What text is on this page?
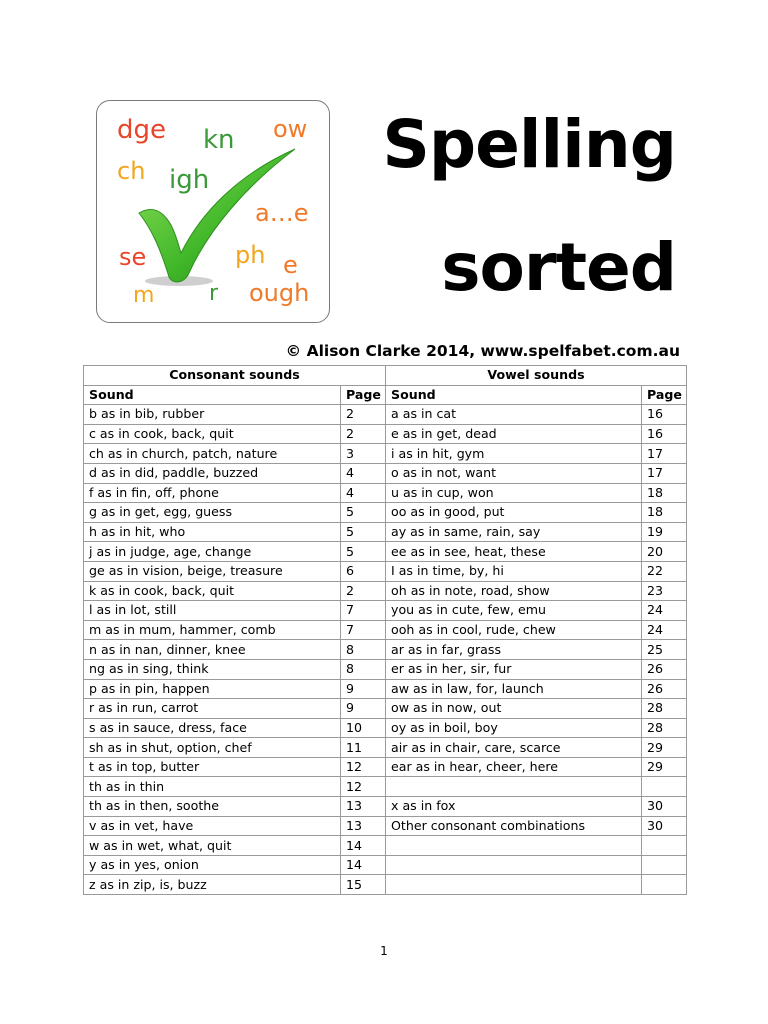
dge kn ow
ch igh
a…e
se	ph e
m r ough
Spelling
sorted
© Alison Clarke 2014, www.spelfabet.com.au
Consonant sounds		Vowel sounds	
Sound	Page	Sound	Page
b as in bib, rubber	2	a as in cat	16
c as in cook, back, quit	2	e as in get, dead	16
ch as in church, patch, nature	3	i as in hit, gym	17
d as in did, paddle, buzzed	4	o as in not, want	17
f as in fin, off, phone	4	u as in cup, won	18
g as in get, egg, guess	5	oo as in good, put	18
h as in hit, who	5	ay as in same, rain, say	19
j as in judge, age, change	5	ee as in see, heat, these	20
ge as in vision, beige, treasure	6	I as in time, by, hi	22
k as in cook, back, quit	2	oh as in note, road, show	23
l as in lot, still	7	you as in cute, few, emu	24
m as in mum, hammer, comb	7	ooh as in cool, rude, chew	24
n as in nan, dinner, knee	8	ar as in far, grass	25
ng as in sing, think	8	er as in her, sir, fur	26
p as in pin, happen	9	aw as in law, for, launch	26
r as in run, carrot	9	ow as in now, out	28
s as in sauce, dress, face	10	oy as in boil, boy	28
sh as in shut, option, chef	11	air as in chair, care, scarce	29
t as in top, butter	12	ear as in hear, cheer, here	29
th as in thin	12		
th as in then, soothe	13	x as in fox	30
v as in vet, have	13	Other consonant combinations	30
w as in wet, what, quit	14		
y as in yes, onion	14		
z as in zip, is, buzz	15		
1
